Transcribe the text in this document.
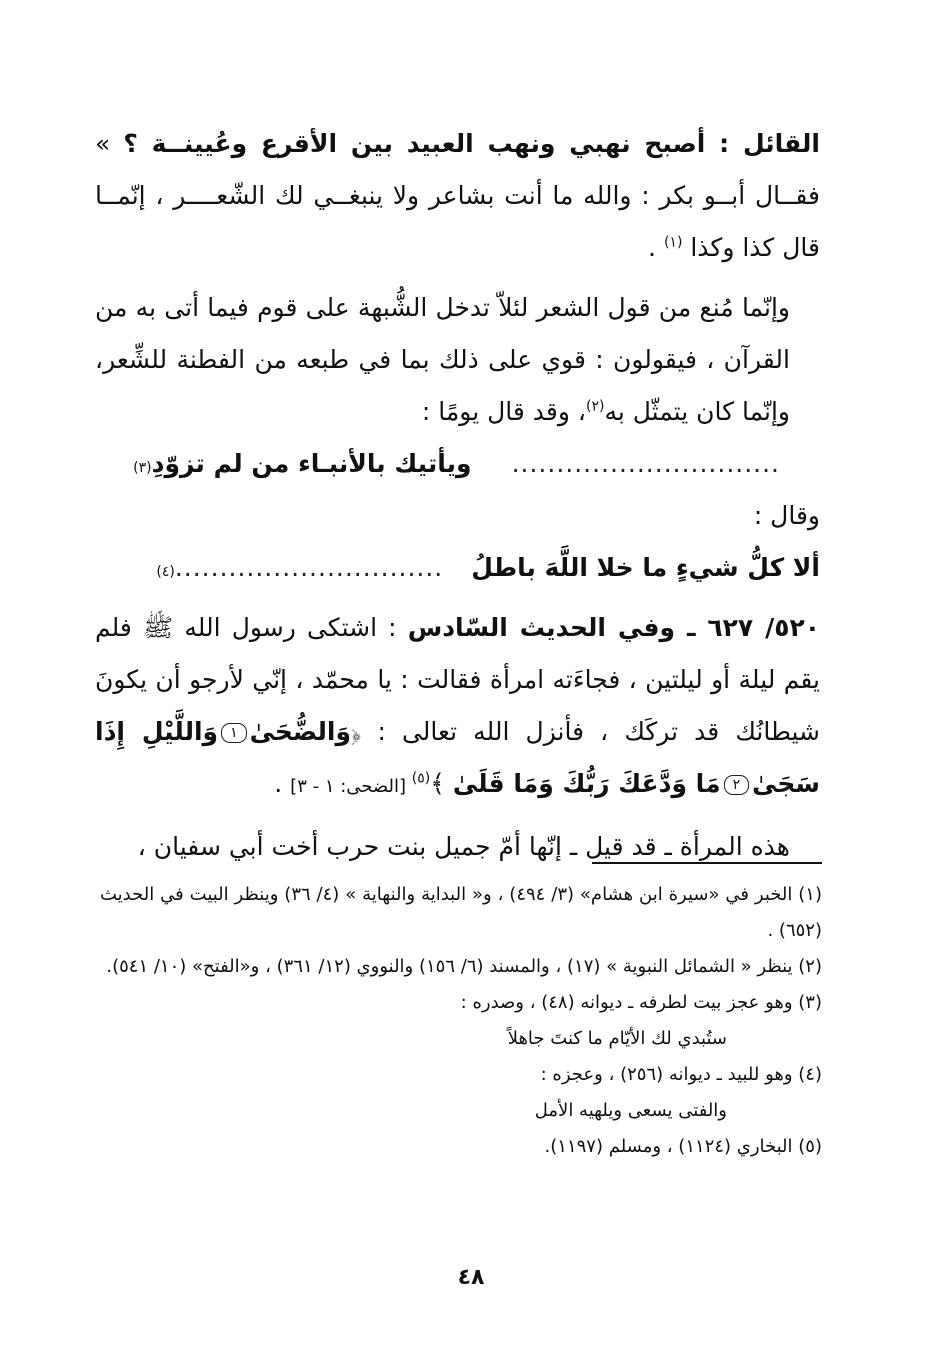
القائل : أصبح نهبي ونهب العبيد بين الأقرع وعُيينــة ؟ » فقــال أبــو بكر : والله ما أنت بشاعر ولا ينبغــي لك الشّعــــر ، إنّمــا قال كذا وكذا $^{(١)}$ .

وإنّما مُنع من قول الشعر لئلاّ تدخل الشُّبهة على قوم فيما أتى به من القرآن ، فيقولون : قوي على ذلك بما في طبعه من الفطنة للشِّعر، وإنّما كان يتمثّل به$^{(٢)}$، وقد قال يومًا :

..............................
ويأتيك بالأنبـاء من لم تزوّدِ
(٣)

وقال :

ألا كلُّ شيءٍ ما خلا اللَّهَ باطلُ
..............................
(٤)

٥٢٠/ ٦٢٧ ـ وفي الحديث السّادس : اشتكى رسول الله ﷺ فلم يقم ليلة أو ليلتين ، فجاءَته امرأة فقالت : يا محمّد ، إنّي لأرجو أن يكونَ شيطانُك قد تركَك ، فأنزل الله تعالى : ﴿وَالضُّحَىٰ١وَاللَّيْلِ إِذَا سَجَىٰ٢مَا وَدَّعَكَ رَبُّكَ وَمَا قَلَىٰ ﴾$^{(٥)}$ [الضحى: ١ - ٣] .

هذه المرأة ـ قد قيل ـ إنّها أمّ جميل بنت حرب أخت أبي سفيان ،

(١) الخبر في «سيرة ابن هشام» (٣/ ٤٩٤) ، و« البداية والنهاية » (٤/ ٣٦) وينظر البيت في الحديث (٦٥٢) .

(٢) ينظر « الشمائل النبوية » (١٧) ، والمسند (٦/ ١٥٦) والنووي (١٢/ ٣٦١) ، و«الفتح» (١٠/ ٥٤١).

(٣) وهو عجز بيت لطرفه ـ ديوانه (٤٨) ، وصدره :

ستُبدي لك الأيّام ما كنتَ جاهلاً

(٤) وهو للبيد ـ ديوانه (٢٥٦) ، وعجزه :

والفتى يسعى ويلهيه الأمل

(٥) البخاري (١١٢٤) ، ومسلم (١١٩٧).

٤٨
